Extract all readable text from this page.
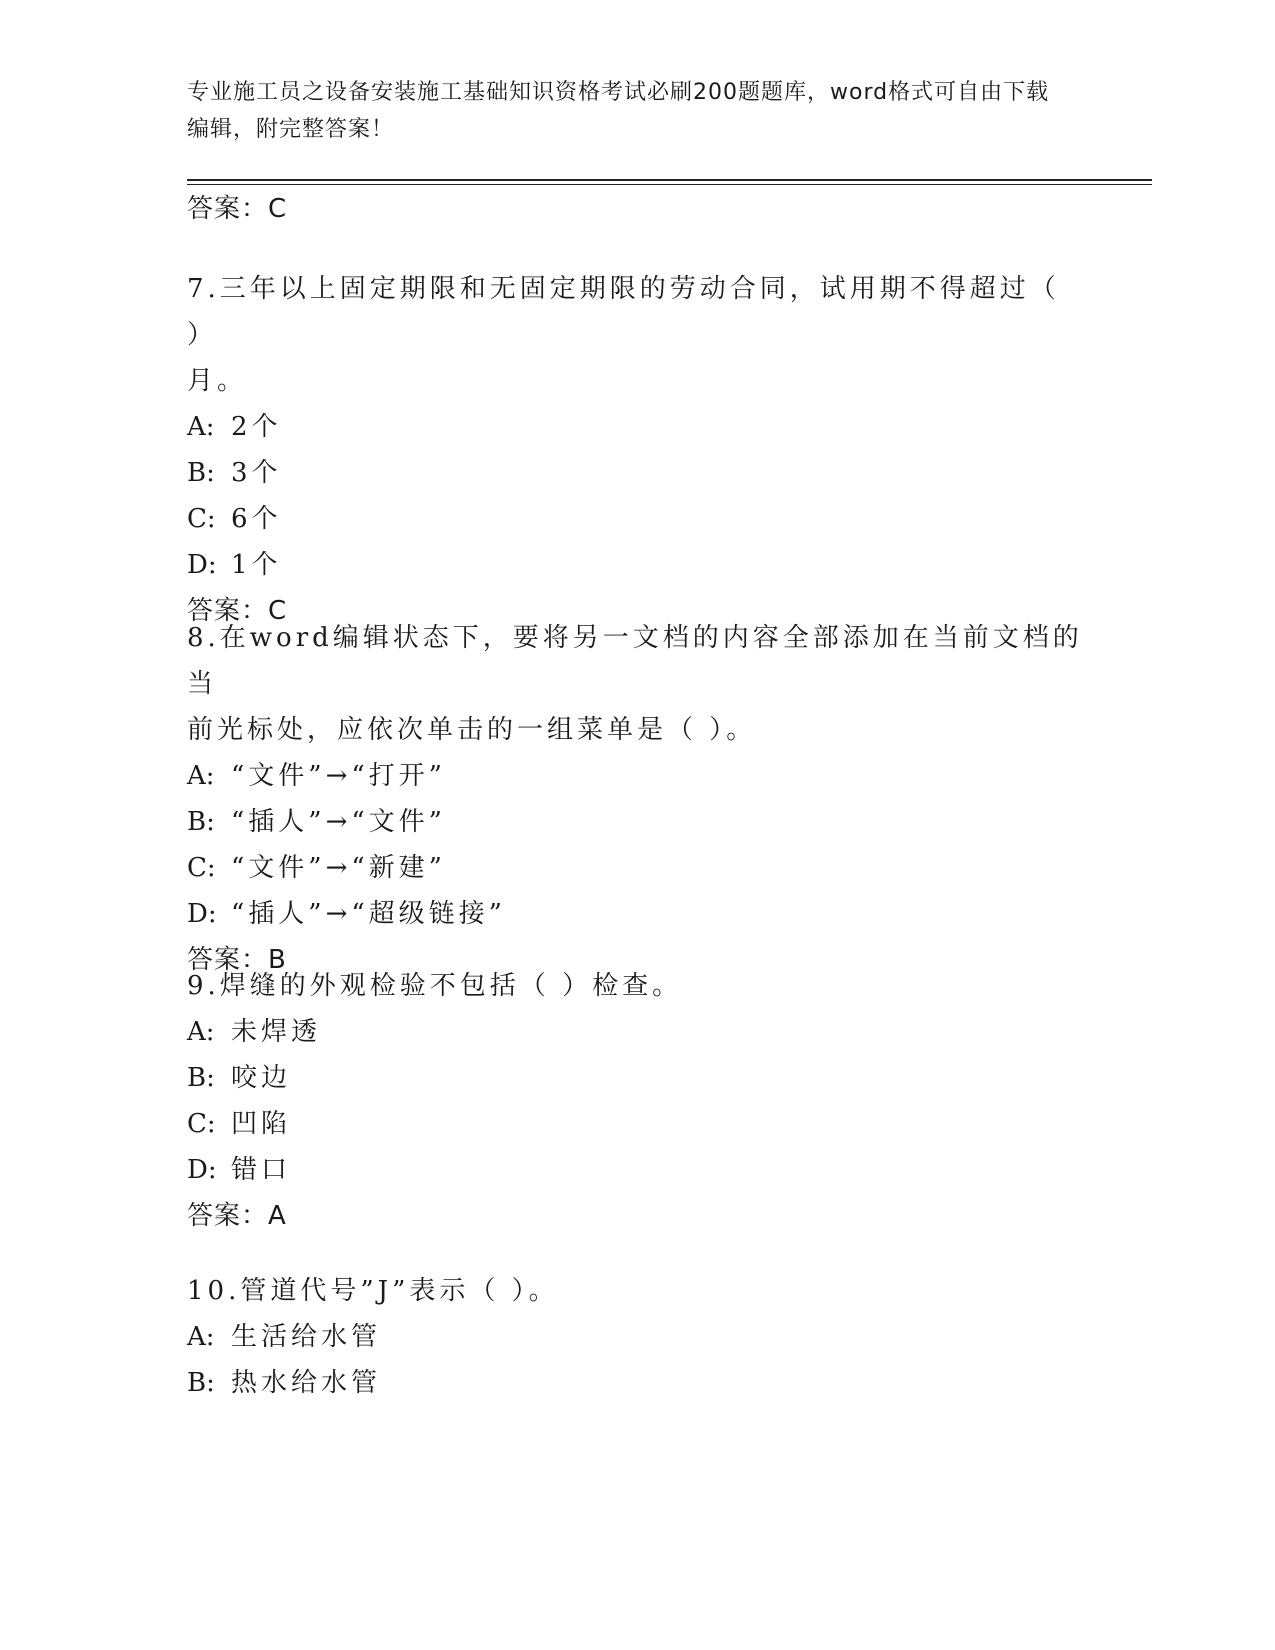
专业施工员之设备安装施工基础知识资格考试必刷200题题库，word格式可自由下载编辑，附完整答案！
答案：C
7.三年以上固定期限和无固定期限的劳动合同，试用期不得超过（ ）
月。
A: 2个
B: 3个
C: 6个
D: 1个
答案：C
8.在word编辑状态下，要将另一文档的内容全部添加在当前文档的当
前光标处，应依次单击的一组菜单是（ ）。
A: “文件”→“打开”
B: “插人”→“文件”
C: “文件”→“新建”
D: “插人”→“超级链接”
答案：B
9.焊缝的外观检验不包括（ ）检查。
A: 未焊透
B: 咬边
C: 凹陷
D: 错口
答案：A
10.管道代号”J”表示（ ）。
A: 生活给水管
B: 热水给水管
